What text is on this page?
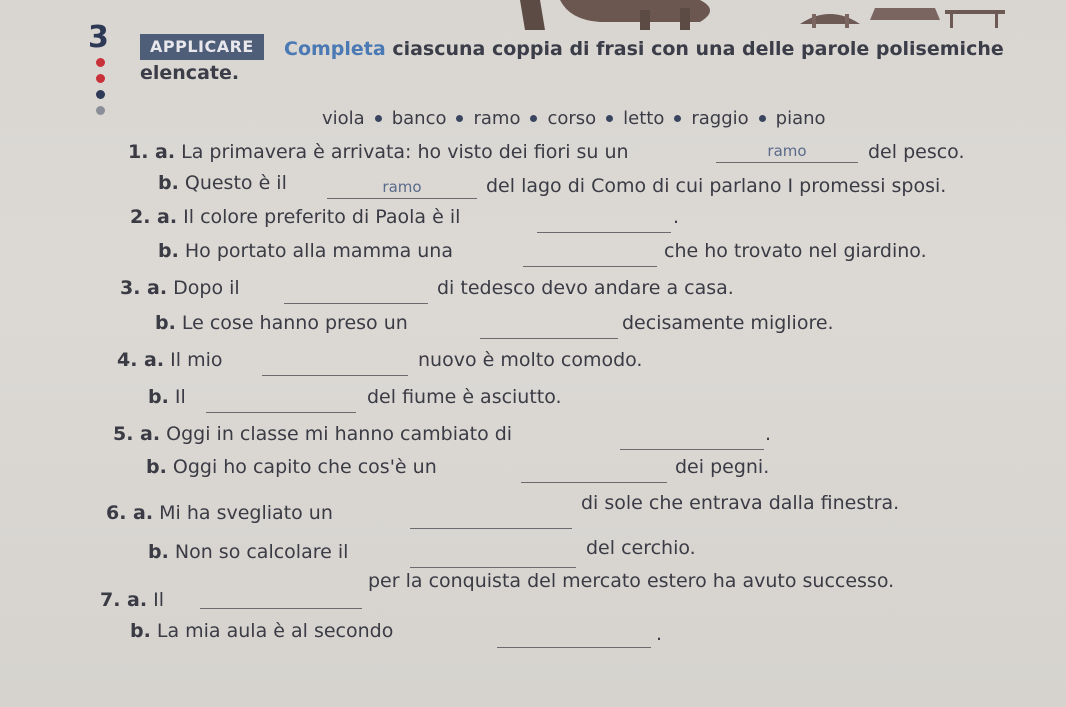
3	APPLICARE	Completa ciascuna coppia di frasi con una delle parole polisemiche
elencate.
viola banco ramo corso letto raggio piano
1. a. La primavera è arrivata: ho visto dei fiori su un	ramo	del pesco.
b. Questo è il	ramo	del lago di Como di cui parlano I promessi sposi.
2. a. Il colore preferito di Paola è il	.
b. Ho portato alla mamma una	che ho trovato nel giardino.
3. a. Dopo il	di tedesco devo andare a casa.
b. Le cose hanno preso un	decisamente migliore.
4. a. Il mio	nuovo è molto comodo.
b. Il	del fiume è asciutto.
5. a. Oggi in classe mi hanno cambiato di	.
b. Oggi ho capito che cos'è un	dei pegni.
6. a. Mi ha svegliato un	di sole che entrava dalla finestra.
b. Non so calcolare il	del cerchio.
7. a. Il
per la conquista del mercato estero ha avuto successo.
b. La mia aula è al secondo	.
